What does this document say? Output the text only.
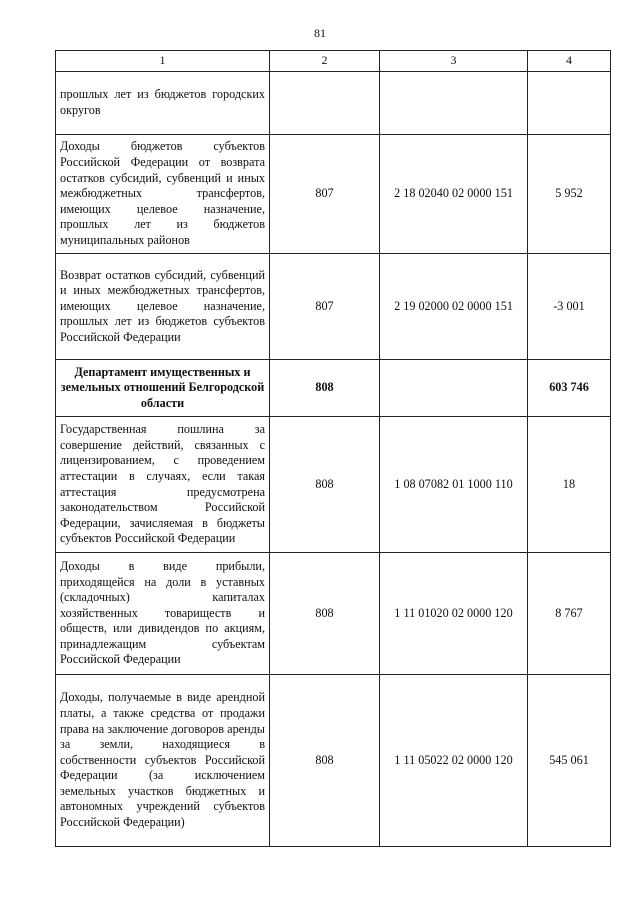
81
1	2	3	4
прошлых лет из бюджетов городских округов			
Доходы бюджетов субъектов Российской Федерации от возврата остатков субсидий, субвенций и иных межбюджетных трансфертов, имеющих целевое назначение, прошлых лет из бюджетов муниципальных районов	807	2 18 02040 02 0000 151	5 952
Возврат остатков субсидий, субвенций и иных межбюджетных трансфертов, имеющих целевое назначение, прошлых лет из бюджетов субъектов Российской Федерации	807	2 19 02000 02 0000 151	-3 001
Департамент имущественных и земельных отношений Белгородской области	808		603 746
Государственная пошлина за совершение действий, связанных с лицензированием, с проведением аттестации в случаях, если такая аттестация предусмотрена законодательством Российской Федерации, зачисляемая в бюджеты субъектов Российской Федерации	808	1 08 07082 01 1000 110	18
Доходы в виде прибыли, приходящейся на доли в уставных (складочных) капиталах хозяйственных товариществ и обществ, или дивидендов по акциям, принадлежащим субъектам Российской Федерации	808	1 11 01020 02 0000 120	8 767
Доходы, получаемые в виде арендной платы, а также средства от продажи права на заключение договоров аренды за земли, находящиеся в собственности субъектов Российской Федерации (за исключением земельных участков бюджетных и автономных учреждений субъектов Российской Федерации)	808	1 11 05022 02 0000 120	545 061
